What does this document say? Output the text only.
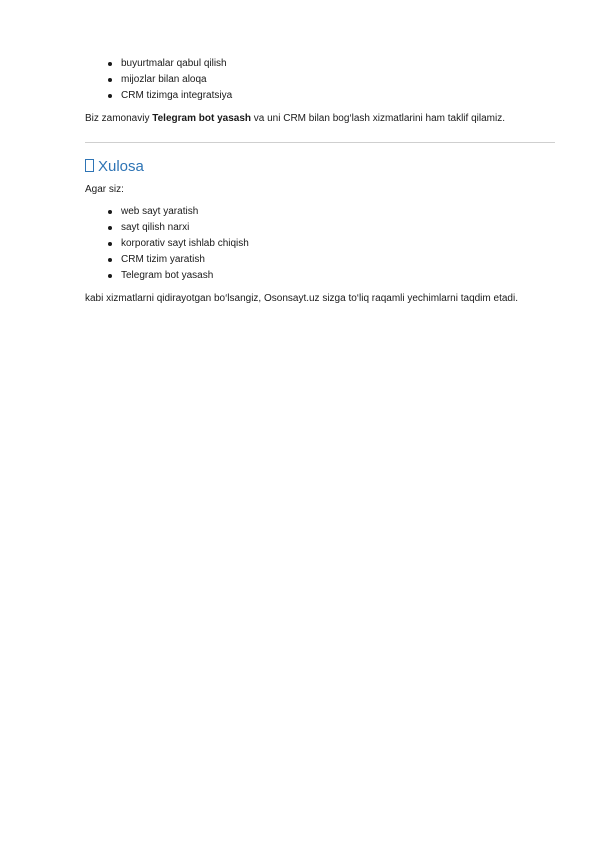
buyurtmalar qabul qilish
mijozlar bilan aloqa
CRM tizimga integratsiya

Biz zamonaviy Telegram bot yasash va uni CRM bilan bog‘lash xizmatlarini ham taklif qilamiz.

Xulosa

Agar siz:

web sayt yaratish
sayt qilish narxi
korporativ sayt ishlab chiqish
CRM tizim yaratish
Telegram bot yasash

kabi xizmatlarni qidirayotgan bo‘lsangiz, Osonsayt.uz sizga to‘liq raqamli yechimlarni taqdim etadi.
